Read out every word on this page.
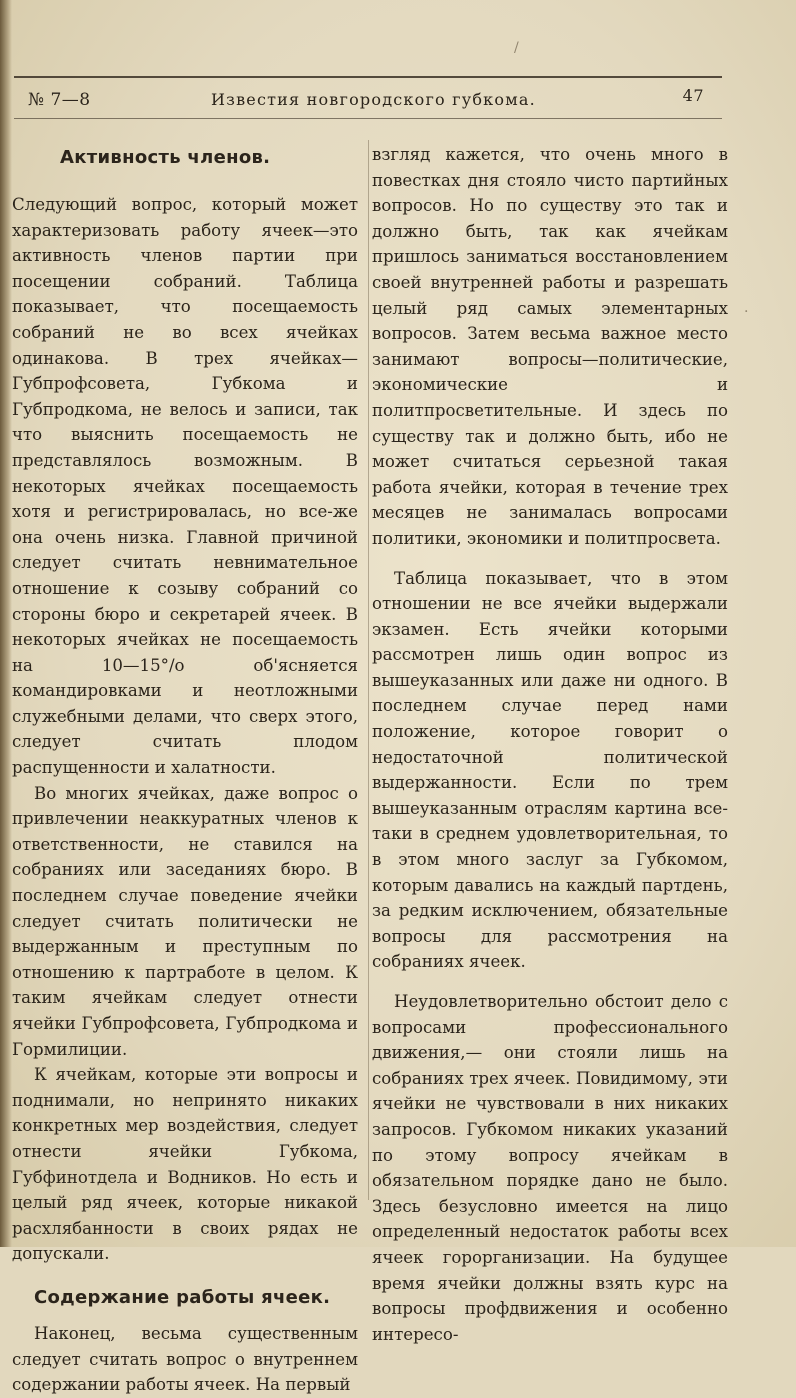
/
.
№ 7—8	Известия новгородского губкома.	47
Активность членов.

Следующий вопрос, который может характеризовать работу ячеек—это активность членов партии при посещении собраний. Таблица показывает, что посещаемость собраний не во всех ячейках одинакова. В трех ячейках—Губпрофсовета, Губкома и Губпродкома, не велось и записи, так что выяснить посещаемость не представлялось возможным. В некоторых ячейках посещаемость хотя и регистрировалась, но все-же она очень низка. Главной причиной следует считать невнимательное отношение к созыву собраний со стороны бюро и секретарей ячеек. В некоторых ячейках не посещаемость на 10—15°/о об'ясняется командировками и неотложными служебными делами, что сверх этого, следует считать плодом распущенности и халатности.

Во многих ячейках, даже вопрос о привлечении неаккуратных членов к ответственности, не ставился на собраниях или заседаниях бюро. В последнем случае поведение ячейки следует считать политически не выдержанным и преступным по отношению к партработе в целом. К таким ячейкам следует отнести ячейки Губпрофсовета, Губпродкома и Гормилиции.

К ячейкам, которые эти вопросы и поднимали, но непринято никаких конкретных мер воздействия, следует отнести ячейки Губкома, Губфинотдела и Водников. Но есть и целый ряд ячеек, которые никакой расхлябанности в своих рядах не допускали.

Содержание работы ячеек.

Наконец, весьма существенным следует считать вопрос о внутреннем содержании работы ячеек. На первый

взгляд кажется, что очень много в повестках дня стояло чисто партийных вопросов. Но по существу это так и должно быть, так как ячейкам пришлось заниматься восстановлением своей внутренней работы и разрешать целый ряд самых элементарных вопросов. Затем весьма важное место занимают вопросы—политические, экономические и политпросветительные. И здесь по существу так и должно быть, ибо не может считаться серьезной такая работа ячейки, которая в течение трех месяцев не занималась вопросами политики, экономики и политпросвета.

Таблица показывает, что в этом отношении не все ячейки выдержали экзамен. Есть ячейки которыми рассмотрен лишь один вопрос из вышеуказанных или даже ни одного. В последнем случае перед нами положение, которое говорит о недостаточной политической выдержанности. Если по трем вышеуказанным отраслям картина все-таки в среднем удовлетворительная, то в этом много заслуг за Губкомом, которым давались на каждый партдень, за редким исключением, обязательные вопросы для рассмотрения на собраниях ячеек.

Неудовлетворительно обстоит дело с вопросами профессионального движения,— они стояли лишь на собраниях трех ячеек. Повидимому, эти ячейки не чувствовали в них никаких запросов. Губкомом никаких указаний по этому вопросу ячейкам в обязательном порядке дано не было. Здесь безусловно имеется на лицо определенный недостаток работы всех ячеек горорганизации. На будущее время ячейки должны взять курс на вопросы профдвижения и особенно интересо-
